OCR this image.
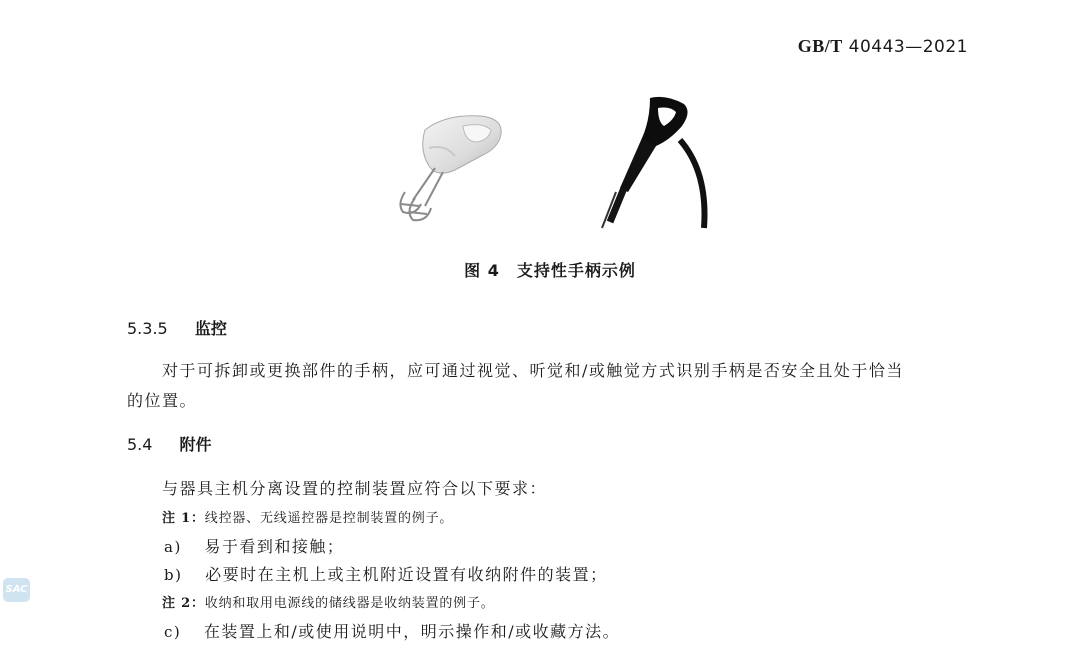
GB/T 40443—2021
图 4　支持性手柄示例
5.3.5 监控
对于可拆卸或更换部件的手柄，应可通过视觉、听觉和/或触觉方式识别手柄是否安全且处于恰当
的位置。
5.4 附件
与器具主机分离设置的控制装置应符合以下要求：
注 1：线控器、无线遥控器是控制装置的例子。
a) 易于看到和接触；
b) 必要时在主机上或主机附近设置有收纳附件的装置；
注 2：收纳和取用电源线的储线器是收纳装置的例子。
c) 在装置上和/或使用说明中，明示操作和/或收藏方法。
SAC
